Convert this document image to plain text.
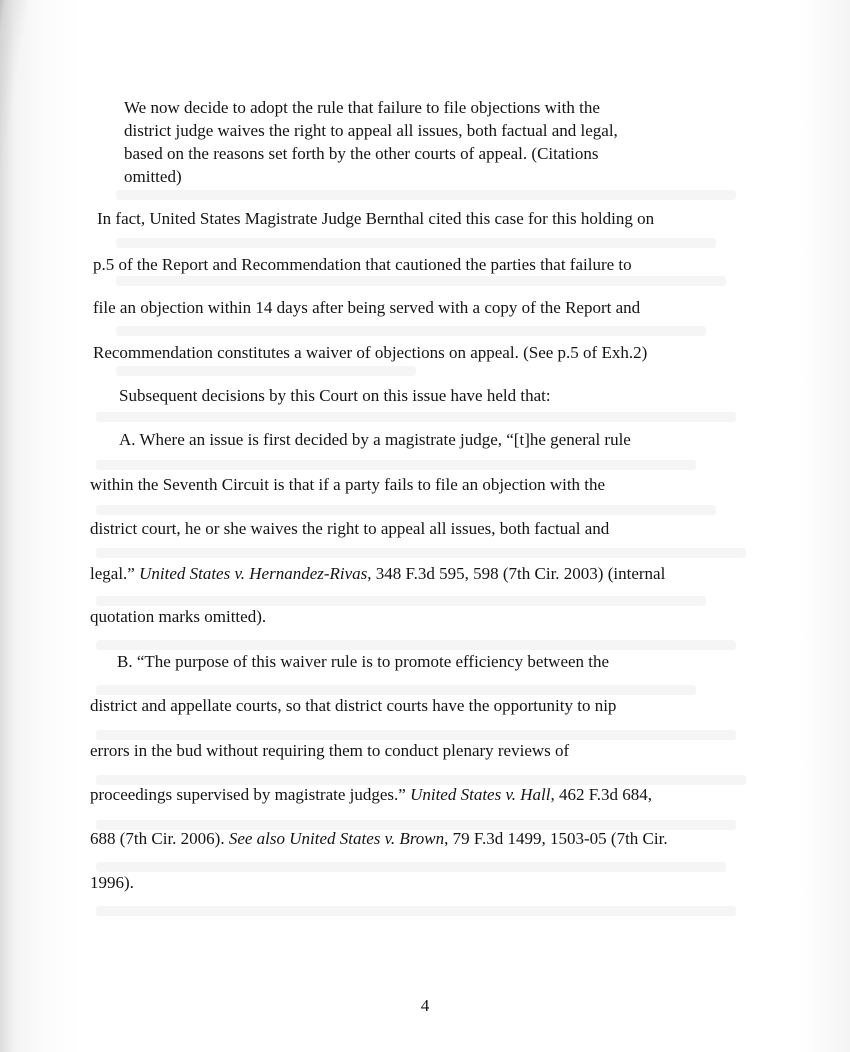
We now decide to adopt the rule that failure to file objections with the
district judge waives the right to appeal all issues, both factual and legal,
based on the reasons set forth by the other courts of appeal. (Citations
omitted)
In fact, United States Magistrate Judge Bernthal cited this case for this holding on
p.5 of the Report and Recommendation that cautioned the parties that failure to
file an objection within 14 days after being served with a copy of the Report and
Recommendation constitutes a waiver of objections on appeal. (See p.5 of Exh.2)
Subsequent decisions by this Court on this issue have held that:
A. Where an issue is first decided by a magistrate judge, “[t]he general rule
within the Seventh Circuit is that if a party fails to file an objection with the
district court, he or she waives the right to appeal all issues, both factual and
legal.” United States v. Hernandez-Rivas, 348 F.3d 595, 598 (7th Cir. 2003) (internal
quotation marks omitted).
B. “The purpose of this waiver rule is to promote efficiency between the
district and appellate courts, so that district courts have the opportunity to nip
errors in the bud without requiring them to conduct plenary reviews of
proceedings supervised by magistrate judges.” United States v. Hall, 462 F.3d 684,
688 (7th Cir. 2006). See also United States v. Brown, 79 F.3d 1499, 1503-05 (7th Cir.
1996).
4
